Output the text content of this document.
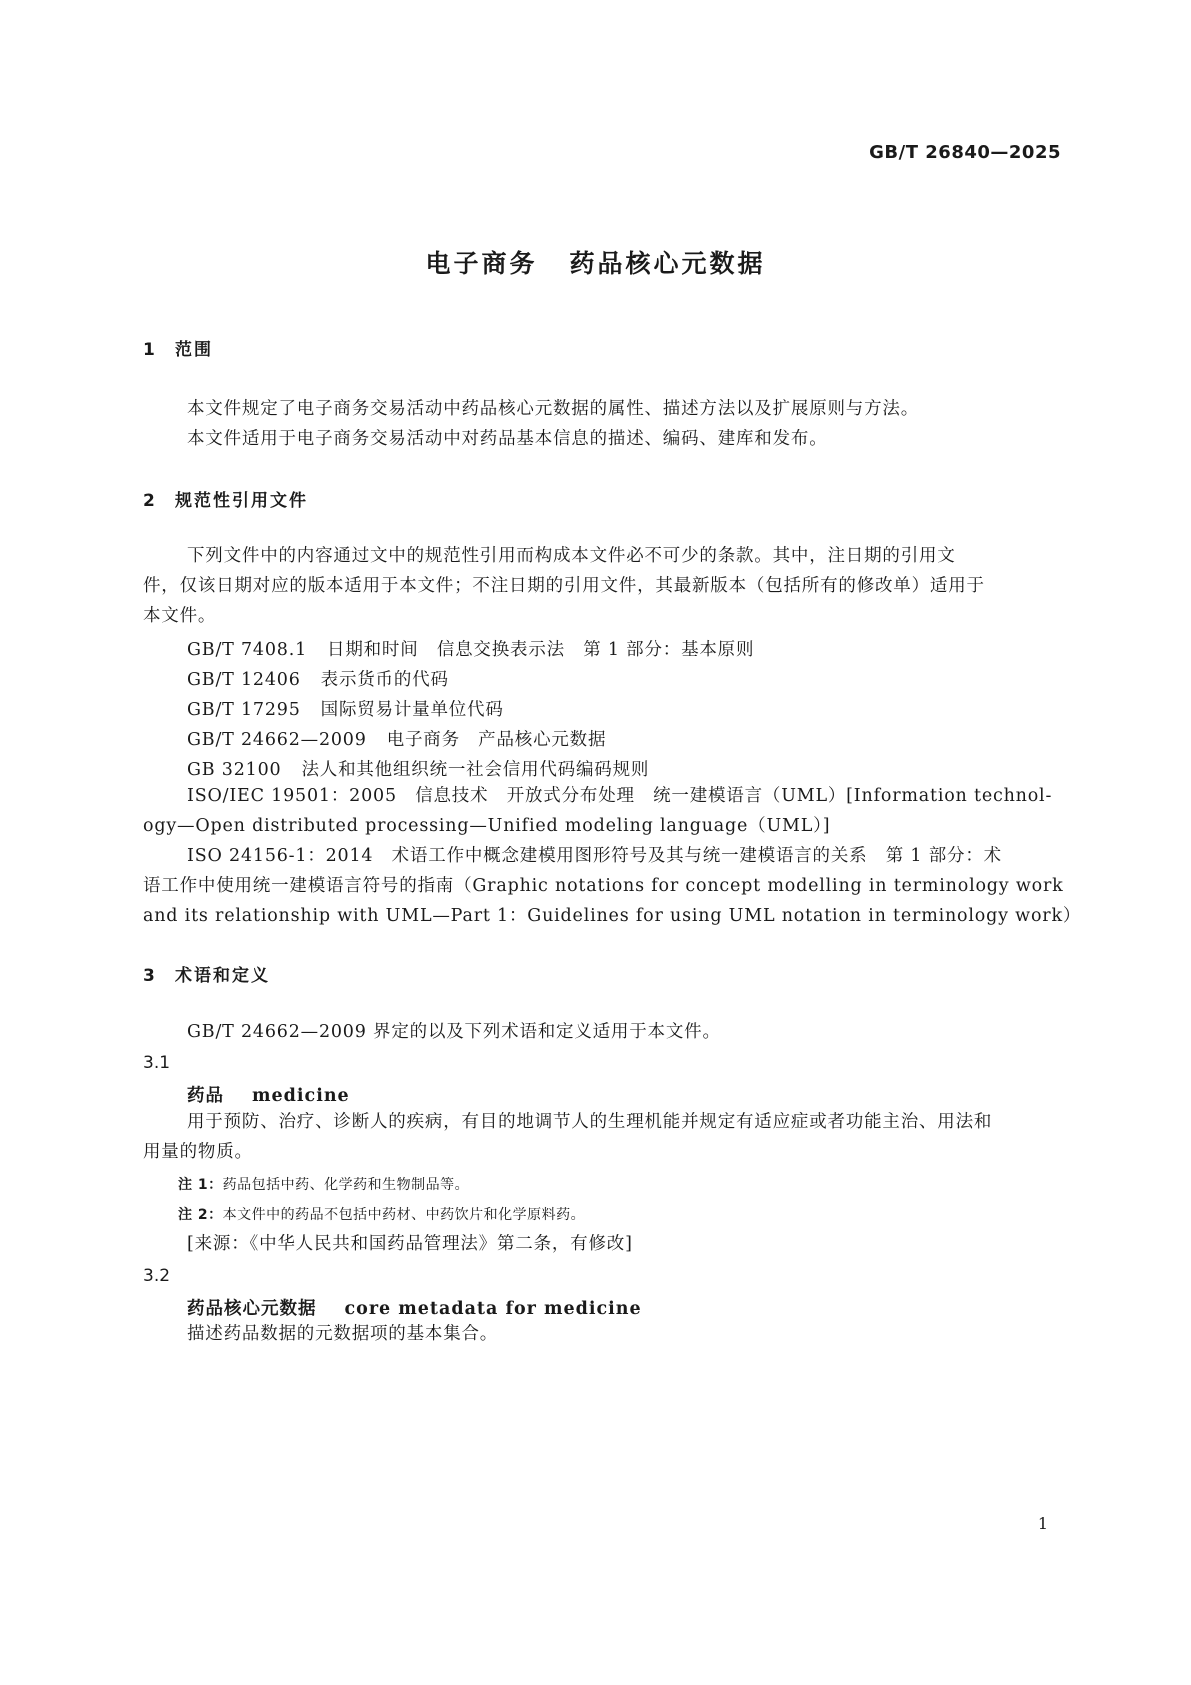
GB/T 26840—2025
电子商务 药品核心元数据
1 范围
本文件规定了电子商务交易活动中药品核心元数据的属性、描述方法以及扩展原则与方法。
本文件适用于电子商务交易活动中对药品基本信息的描述、编码、建库和发布。
2 规范性引用文件
下列文件中的内容通过文中的规范性引用而构成本文件必不可少的条款。其中，注日期的引用文
件，仅该日期对应的版本适用于本文件；不注日期的引用文件，其最新版本（包括所有的修改单）适用于
本文件。
GB/T 7408.1 日期和时间　信息交换表示法　第 1 部分：基本原则
GB/T 12406 表示货币的代码
GB/T 17295 国际贸易计量单位代码
GB/T 24662—2009 电子商务　产品核心元数据
GB 32100 法人和其他组织统一社会信用代码编码规则
ISO/IEC 19501：2005　信息技术　开放式分布处理　统一建模语言（UML）[Information technol-
ogy—Open distributed processing—Unified modeling language（UML）]
ISO 24156-1：2014　术语工作中概念建模用图形符号及其与统一建模语言的关系　第 1 部分：术
语工作中使用统一建模语言符号的指南（Graphic notations for concept modelling in terminology work
and its relationship with UML—Part 1：Guidelines for using UML notation in terminology work）
3 术语和定义
GB/T 24662—2009 界定的以及下列术语和定义适用于本文件。
3.1
药品 medicine
用于预防、治疗、诊断人的疾病，有目的地调节人的生理机能并规定有适应症或者功能主治、用法和
用量的物质。
注 1：药品包括中药、化学药和生物制品等。
注 2：本文件中的药品不包括中药材、中药饮片和化学原料药。
[来源：《中华人民共和国药品管理法》第二条，有修改]
3.2
药品核心元数据 core metadata for medicine
描述药品数据的元数据项的基本集合。
1
